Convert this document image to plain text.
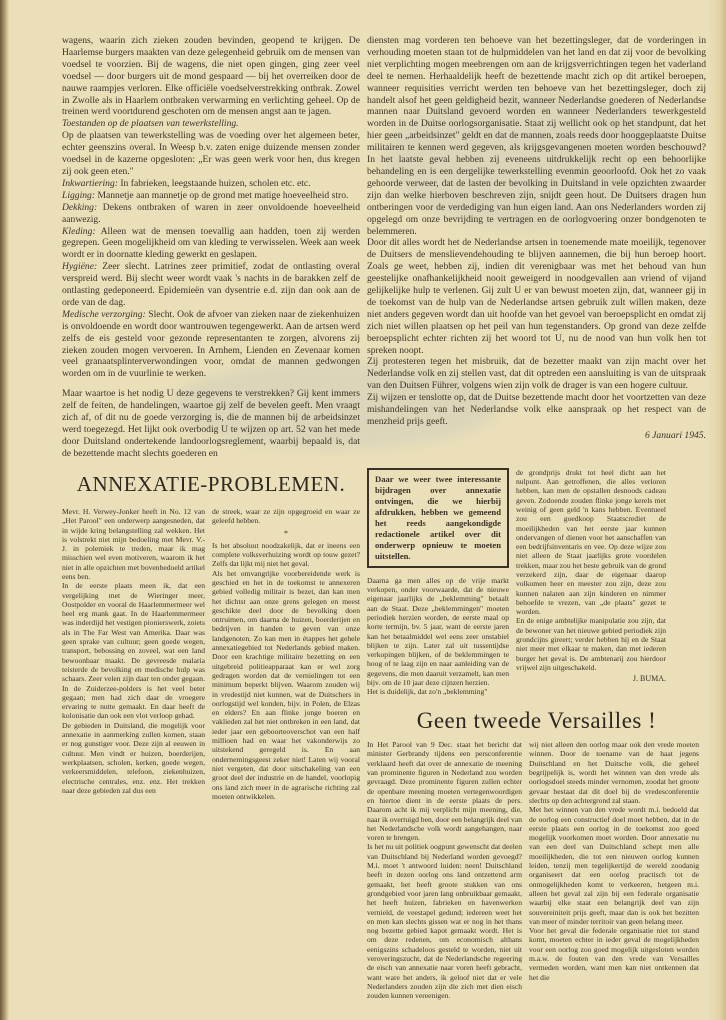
wagens, waarin zich zieken zouden bevinden, geopend te krijgen. De Haarlemse burgers maakten van deze gelegenheid gebruik om de mensen van voedsel te voorzien. Bij de wagens, die niet open gingen, ging zeer veel voedsel — door burgers uit de mond gespaard — bij het overreiken door de nauwe raampjes verloren. Elke officiële voedselverstrekking ontbrak. Zowel in Zwolle als in Haarlem ontbraken verwarming en verlichting geheel. Op de treinen werd voortdurend geschoten om de mensen angst aan te jagen.

Toestanden op de plaatsen van tewerkstelling.

Op de plaatsen van tewerkstelling was de voeding over het algemeen beter, echter geenszins overal. In Weesp b.v. zaten enige duizende mensen zonder voedsel in de kazerne opgesloten: „Er was geen werk voor hen, dus kregen zij ook geen eten."

Inkwartiering: In fabrieken, leegstaande huizen, scholen etc. etc.

Ligging: Mannetje aan mannetje op de grond met matige hoeveelheid stro.

Dekking: Dekens ontbraken of waren in zeer onvoldoende hoeveelheid aanwezig.

Kleding: Alleen wat de mensen toevallig aan hadden, toen zij werden gegrepen. Geen mogelijkheid om van kleding te verwisselen. Week aan week wordt er in doornatte kleding gewerkt en geslapen.

Hygiëne: Zeer slecht. Latrines zeer primitief, zodat de ontlasting overal verspreid werd. Bij slecht weer wordt vaak 's nachts in de barakken zelf de ontlasting gedeponeerd. Epidemieën van dysentrie e.d. zijn dan ook aan de orde van de dag.

Medische verzorging: Slecht. Ook de afvoer van zieken naar de ziekenhuizen is onvoldoende en wordt door wantrouwen tegengewerkt. Aan de artsen werd zelfs de eis gesteld voor gezonde representanten te zorgen, alvorens zij zieken zouden mogen vervoeren. In Arnhem, Lienden en Zevenaar komen veel granaatsplinterverwondingen voor, omdat de mannen gedwongen worden om in de vuurlinie te werken.

Maar waartoe is het nodig U deze gegevens te verstrekken? Gij kent immers zelf de feiten, de handelingen, waartoe gij zelf de bevelen geeft. Men vraagt zich af, of dit nu de goede verzorging is, die de mannen bij de arbeidsinzet werd toegezegd. Het lijkt ook overbodig U te wijzen op art. 52 van het mede door Duitsland ondertekende landoorlogsreglement, waarbij bepaald is, dat de bezettende macht slechts goederen en

diensten mag vorderen ten behoeve van het bezettingsleger, dat de vorderingen in verhouding moeten staan tot de hulpmiddelen van het land en dat zij voor de bevolking niet verplichting mogen meebrengen om aan de krijgsverrichtingen tegen het vaderland deel te nemen. Herhaaldelijk heeft de bezettende macht zich op dit artikel beroepen, wanneer requisities verricht werden ten behoeve van het bezettingsleger, doch zij handelt alsof het geen geldigheid bezit, wanneer Nederlandse goederen of Nederlandse mannen naar Duitsland gevoerd worden en wanneer Nederlanders tewerkgesteld worden in de Duitse oorlogsorganisatie. Staat zij wellicht ook op het standpunt, dat het hier geen „arbeidsinzet" geldt en dat de mannen, zoals reeds door hooggeplaatste Duitse militairen te kennen werd gegeven, als krijgsgevangenen moeten worden beschouwd? In het laatste geval hebben zij eveneens uitdrukkelijk recht op een behoorlijke behandeling en is een dergelijke tewerkstelling evenmin geoorloofd. Ook het zo vaak gehoorde verweer, dat de lasten der bevolking in Duitsland in vele opzichten zwaarder zijn dan welke hierboven beschreven zijn, snijdt geen hout. De Duitsers dragen hun ontberingen voor de verdediging van hun eigen land. Aan ons Nederlanders worden zij opgelegd om onze bevrijding te vertragen en de oorlogvoering onzer bondgenoten te belemmeren.

Door dit alles wordt het de Nederlandse artsen in toenemende mate moeilijk, tegenover de Duitsers de menslievendehouding te blijven aannemen, die bij hun beroep hoort. Zoals ge weet, hebben zij, indien dit verenigbaar was met het behoud van hun geestelijke onafhankelijkheid nooit geweigerd in noodgevallen aan vriend of vijand gelijkelijke hulp te verlenen. Gij zult U er van bewust moeten zijn, dat, wanneer gij in de toekomst van de hulp van de Nederlandse artsen gebruik zult willen maken, deze niet anders gegeven wordt dan uit hoofde van het gevoel van beroepsplicht en omdat zij zich niet willen plaatsen op het peil van hun tegenstanders. Op grond van deze zelfde beroepsplicht echter richten zij het woord tot U, nu de nood van hun volk hen tot spreken noopt.

Zij protesteren tegen het misbruik, dat de bezetter maakt van zijn macht over het Nederlandse volk en zij stellen vast, dat dit optreden een aansluiting is van de uitspraak van den Duitsen Führer, volgens wien zijn volk de drager is van een hogere cultuur.

Zij wijzen er tenslotte op, dat de Duitse bezettende macht door het voortzetten van deze mishandelingen van het Nederlandse volk elke aanspraak op het respect van de menzheid prijs geeft.

6 Januari 1945.
ANNEXATIE-PROBLEMEN.

Mevr. H. Verwey-Jonker heeft in No. 12 van „Het Parool" een onderwerp aangesneden, dat in wijde kring belangstelling zal wekken. Het is volstrekt niet mijn bedoeling met Mevr. V.-J. in polemiek te treden, maar ik mag misschien wel even motiveren, waarom ik het niet in alle opzichten met bovenbedoeld artikel eens ben.

In de eerste plaats meen ik, dat een vergelijking met de Wieringer meer, Oostpolder en vooral de Haarlemmermeer wel heel erg mank gaat. In de Haarlemmermeer was inderdijd het vestigen pionierswerk, zoiets als in The Far West van Amerika. Daar was geen sprake van cultuur; geen goede wegen, transport, bebossing en zoveel, wat een land bewoonbaar maakt. De gevreesde malaria teisterde de bevolking en medische hulp was schaars. Zeer velen zijn daar ten onder gegaan. In de Zuiderzee-polders is het veel beter gegaan; men had zich daar de vroegere ervaring te nutte gemaakt. En daar heeft de kolonisatie dan ook een vlot verloop gehad.

De gebieden in Duitsland, die mogelijk voor annexatie in aanmerking zullen komen, staan er nog gunstiger voor. Deze zijn al eeuwen in cultuur. Men vindt er huizen, boerderijen, werkplaatsen, scholen, kerken, goede wegen, verkeersmiddelen, telefoon, ziekenhuizen, electrische centrales, enz. enz. Het trekken naar deze gebieden zal dus een

de streek, waar ze zijn opgegroeid en waar ze geleefd hebben.

*

Is het absoluut noodzakelijk, dat er ineens een complete volksverhuizing wordt op touw gezet? Zelfs dat lijkt mij niet het geval.

Als het omvangrijke voorbereidende werk is geschied en het in de toekomst te annexeren gebied volledig militair is bezet, dan kan men het dichtst aan onze grens gelegen en meest geschikte deel door de bevolking doen ontruimen, om daarna de huizen, boerderijen en bedrijven in handen te geven van onze landgenoten. Zo kan men in étappes het gehele annexatiegebied tot Nederlands gebied maken. Door een krachtige militaire bezetting en een uitgebreid politieapparaat kan er wel zorg gedragen worden dat de vernielingen tot een minimum beperkt blijven. Waarom zouden wij in vredestijd niet kunnen, wat de Duitschers in oorlogstijd wel konden, bijv. in Polen, de Elzas en elders? En aan flinke jonge boeren en vaklieden zal het niet ontbreken in een land, dat ieder jaar een geboorteoverschot van een half millioen had en waar het vakonderwijs zo uitstekend geregeld is. En aan ondernemingsgeest zeker niet! Laten wij vooral niet vergeten, dat door uitschakeling van een groot deel der industrie en de handel, voorlopig ons land zich meer in de agrarische richting zal moeten ontwikkelen.

Daar we weer twee interessante bijdragen over annexatie ontvingen, die we hierbij afdrukken, hebben we gemeend het reeds aangekondigde redactionele artikel over dit onderwerp opnieuw te moeten uitstellen.

Daarna ga men alles op de vrije markt verkopen, onder voorwaarde, dat de nieuwe eigenaar jaarlijks de „beklemming" betaalt aan de Staat. Deze „beklemmingen" moeten periodiek herzien worden, de eerste maal op korte termijn, bv. 5 jaar, want de eerste jaren kan het betaalmiddel wel eens zeer onstabiel blijken te zijn. Later zal uit tussentijdse verkopingen blijken, of de beklemmingen te hoog of te laag zijn en naar aanleiding van de gegevens, die men daaruit verzamelt, kan men bijv. om de 10 jaar deze cijnzen herzien.

Het is duidelijk, dat zo'n „beklemming"

de grondprijs drukt tot heel dicht aan het nulpunt. Aan getroffenen, die alles verloren hebben, kan men de opstallen desnoods cadeau geven. Zodoende zouden flinke jonge kerels met weinig of geen geld 'n kans hebben. Eventueel zou een goedkoop Staatscrediet de moeilijkheden van het eerste jaar kunnen ondervangen of dienen voor het aanschaffen van een bedrijfsinventaris en vee. Op deze wijze zou niet alleen de Staat jaarlijks grote voordelen trekken, maar zou het beste gebruik van de grond verzekerd zijn, daar de eigenaar daarop volkomen heer en meester zou zijn, deze zou kunnen nalaten aan zijn kinderen en nimmer behoefde te vrezen, van „de plaats" gezet te worden.

En de enige ambtelijke manipulatie zou zijn, dat de bewoner van het nieuwe gebied periodiek zijn grondcijns gireert; verder hebben hij en de Staat niet meer met elkaar te maken, dan met iederen burger het geval is. De ambtenarij zou hierdoor vrijwel zijn uitgeschakeld.

J. BUMA.
Geen tweede Versailles !

In Het Parool van 9 Dec. staat het bericht dat minister Gerbrandy tijdens een persconferentie verklaard heeft dat over de annexatie de meening van prominente figuren in Nederland zou worden gevraagd. Deze prominente figuren zullen echter de openbare meening moeten vertegenwoordigen en hiertoe dient in de eerste plaats de pers. Daarom acht ik mij verplicht mijn meening, die, naar ik overtuigd ben, door een belangrijk deel van het Nederlandsche volk wordt aangehangen, naar voren te brengen.

Is het nu uit politiek oogpunt gewenscht dat deelen van Duitschland bij Nederland worden gevoegd? M.i. moet 't antwoord luiden: neen! Duitschland heeft in dezen oorlog ons land ontzettend arm gemaakt, het heeft groote stukken van ons grondgebied voor jaren lang onbruikbaar gemaakt, het heeft huizen, fabrieken en havenwerken vernield, de veestapel gedund; iedereen weet het en men kan slechts gissen wat er nog in het thans nog bezette gebied kapot gemaakt wordt. Het is om deze redenen, om economisch althans eenigszins schadeloos gesteld te worden, niet uit veroveringszucht, dat de Nederlandsche regeering de eisch van annexatie naar voren heeft gebracht, want ware het anders, ik geloof niet dat er vele Nederlanders zouden zijn die zich met dien eisch zouden kunnen vereenigen.

wij niet alleen den oorlog maar ook den vrede moeten winnen. Door de toename van de haat jegens Duitschland en het Duitsche volk, die geheel begrijpelijk is, wordt het winnen van den vrede als oorlogsdoel steeds minder vernomen, zoodat het groote gevaar bestaat dat dit doel bij de vredesconferentie slechts op den achtergrond zal staan.

Met het winnen van den vrede wordt m.i. bedoeld dat de oorlog een constructief doel moet hebben, dat in de eerste plaats een oorlog in de toekomst zoo goed mogelijk voorkomen moet worden. Door annexatie nu van een deel van Duitschland schept men alle moeilijkheden, die tot een nieuwen oorlog kunnen leiden, tenzij men tegelijkertijd de wereld zoodanig organiseert dat een oorlog practisch tot de onmogelijkheden komt te verkeeren, hetgeen m.i. alleen het geval zal zijn bij een federale organisatie waarbij elke staat een belangrijk deel van zijn souvereiniteit prijs geeft, maar dan is ook het bezitten van meer of minder territoir van geen belang meer.

Voor het geval die federale organisatie niet tot stand komt, moeten echter in ieder geval de mogelijkheden voor een oorlog zoo goed mogelijk uitgesloten worden m.a.w. de fouten van den vrede van Versailles vermeden worden, want men kan niet ontkennen dat het die
